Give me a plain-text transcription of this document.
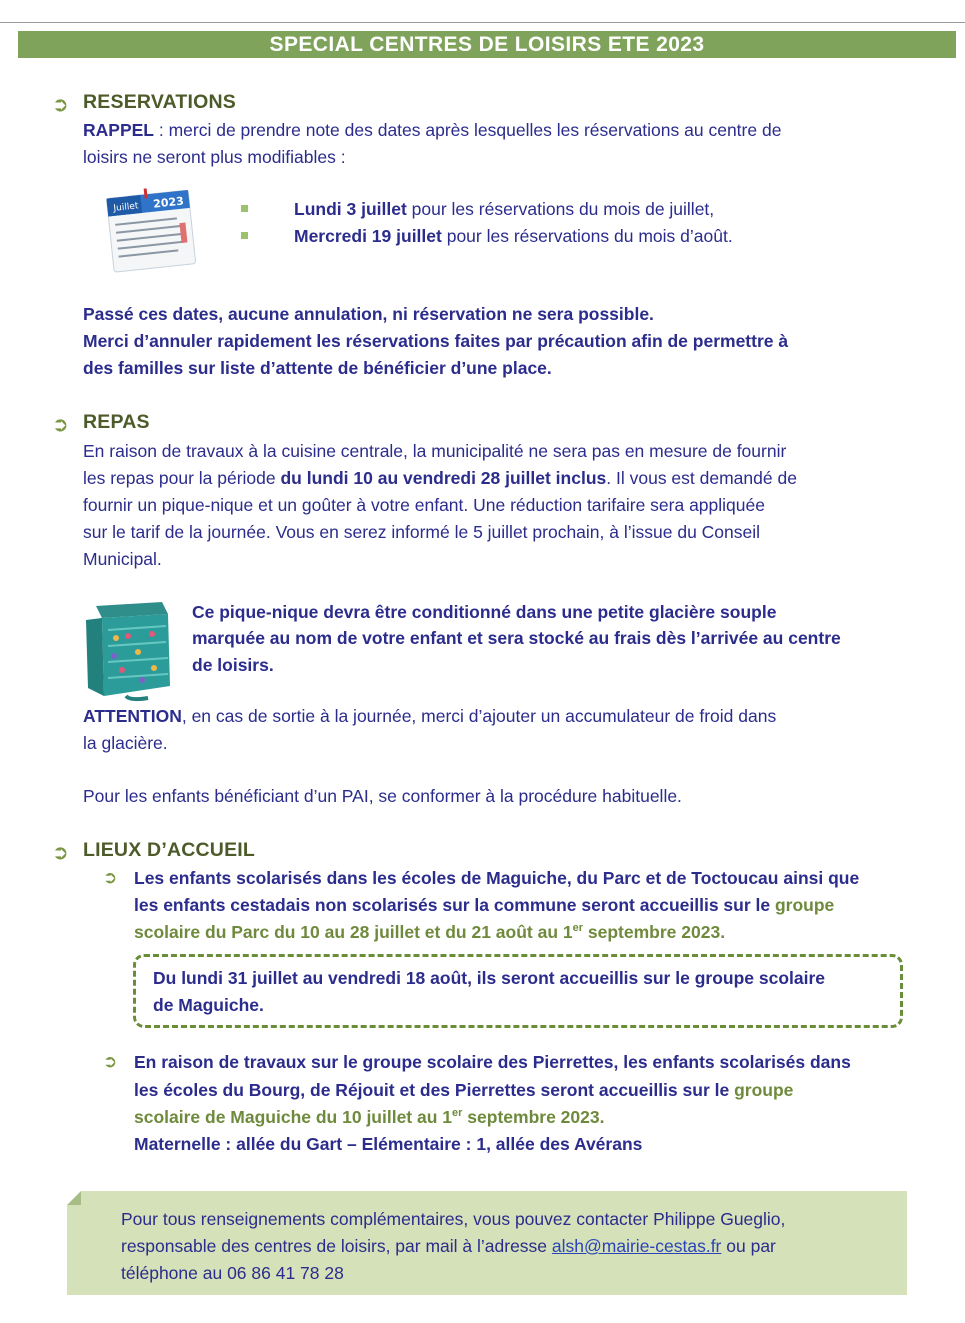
SPECIAL CENTRES DE LOISIRS ETE 2023
➲ RESERVATIONS
RAPPEL : merci de prendre note des dates après lesquelles les réservations au centre de
loisirs ne seront plus modifiables :
Juillet 2023	Lundi 3 juillet pour les réservations du mois de juillet,
Mercredi 19 juillet pour les réservations du mois d’août.
Passé ces dates, aucune annulation, ni réservation ne sera possible.
Merci d’annuler rapidement les réservations faites par précaution afin de permettre à
des familles sur liste d’attente de bénéficier d’une place.
➲ REPAS
En raison de travaux à la cuisine centrale, la municipalité ne sera pas en mesure de fournir
les repas pour la période du lundi 10 au vendredi 28 juillet inclus. Il vous est demandé de
fournir un pique-nique et un goûter à votre enfant. Une réduction tarifaire sera appliquée
sur le tarif de la journée. Vous en serez informé le 5 juillet prochain, à l’issue du Conseil
Municipal.
Ce pique-nique devra être conditionné dans une petite glacière souple
marquée au nom de votre enfant et sera stocké au frais dès l’arrivée au centre
de loisirs.
ATTENTION, en cas de sortie à la journée, merci d’ajouter un accumulateur de froid dans
la glacière.
Pour les enfants bénéficiant d’un PAI, se conformer à la procédure habituelle.
➲ LIEUX D’ACCUEIL
➲ Les enfants scolarisés dans les écoles de Maguiche, du Parc et de Toctoucau ainsi que
les enfants cestadais non scolarisés sur la commune seront accueillis sur le groupe
scolaire du Parc du 10 au 28 juillet et du 21 août au 1er septembre 2023.
Du lundi 31 juillet au vendredi 18 août, ils seront accueillis sur le groupe scolaire
de Maguiche.
➲ En raison de travaux sur le groupe scolaire des Pierrettes, les enfants scolarisés dans
les écoles du Bourg, de Réjouit et des Pierrettes seront accueillis sur le groupe
scolaire de Maguiche du 10 juillet au 1er septembre 2023.
Maternelle : allée du Gart – Elémentaire : 1, allée des Avérans
Pour tous renseignements complémentaires, vous pouvez contacter Philippe Gueglio,
responsable des centres de loisirs, par mail à l’adresse alsh@mairie-cestas.fr ou par
téléphone au 06 86 41 78 28
